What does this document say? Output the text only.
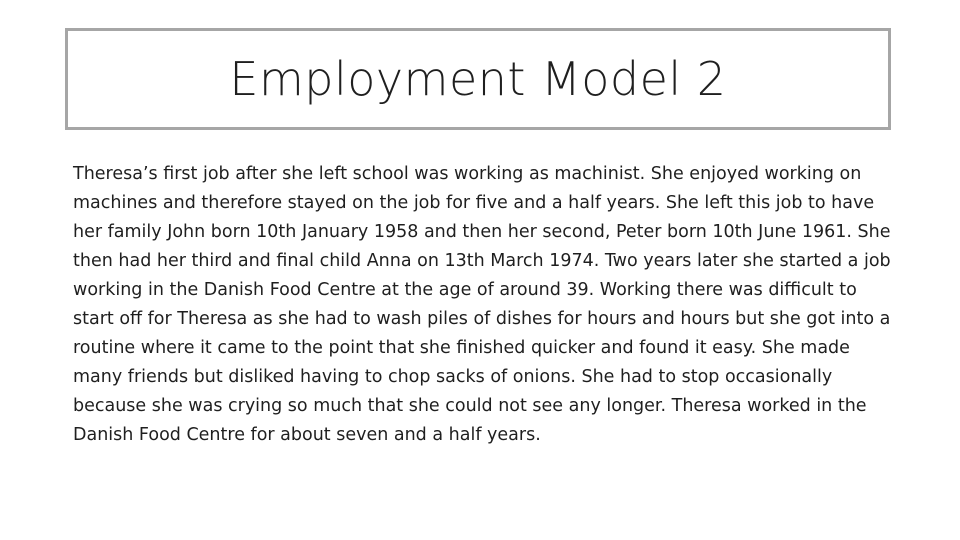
Employment Model 2

Theresa’s first job after she left school was working as machinist. She enjoyed working on machines and therefore stayed on the job for five and a half years. She left this job to have her family John born 10th January 1958 and then her second, Peter born 10th June 1961. She then had her third and final child Anna on 13th March 1974. Two years later she started a job working in the Danish Food Centre at the age of around 39. Working there was difficult to start off for Theresa as she had to wash piles of dishes for hours and hours but she got into a routine where it came to the point that she finished quicker and found it easy. She made many friends but disliked having to chop sacks of onions. She had to stop occasionally because she was crying so much that she could not see any longer. Theresa worked in the Danish Food Centre for about seven and a half years.
